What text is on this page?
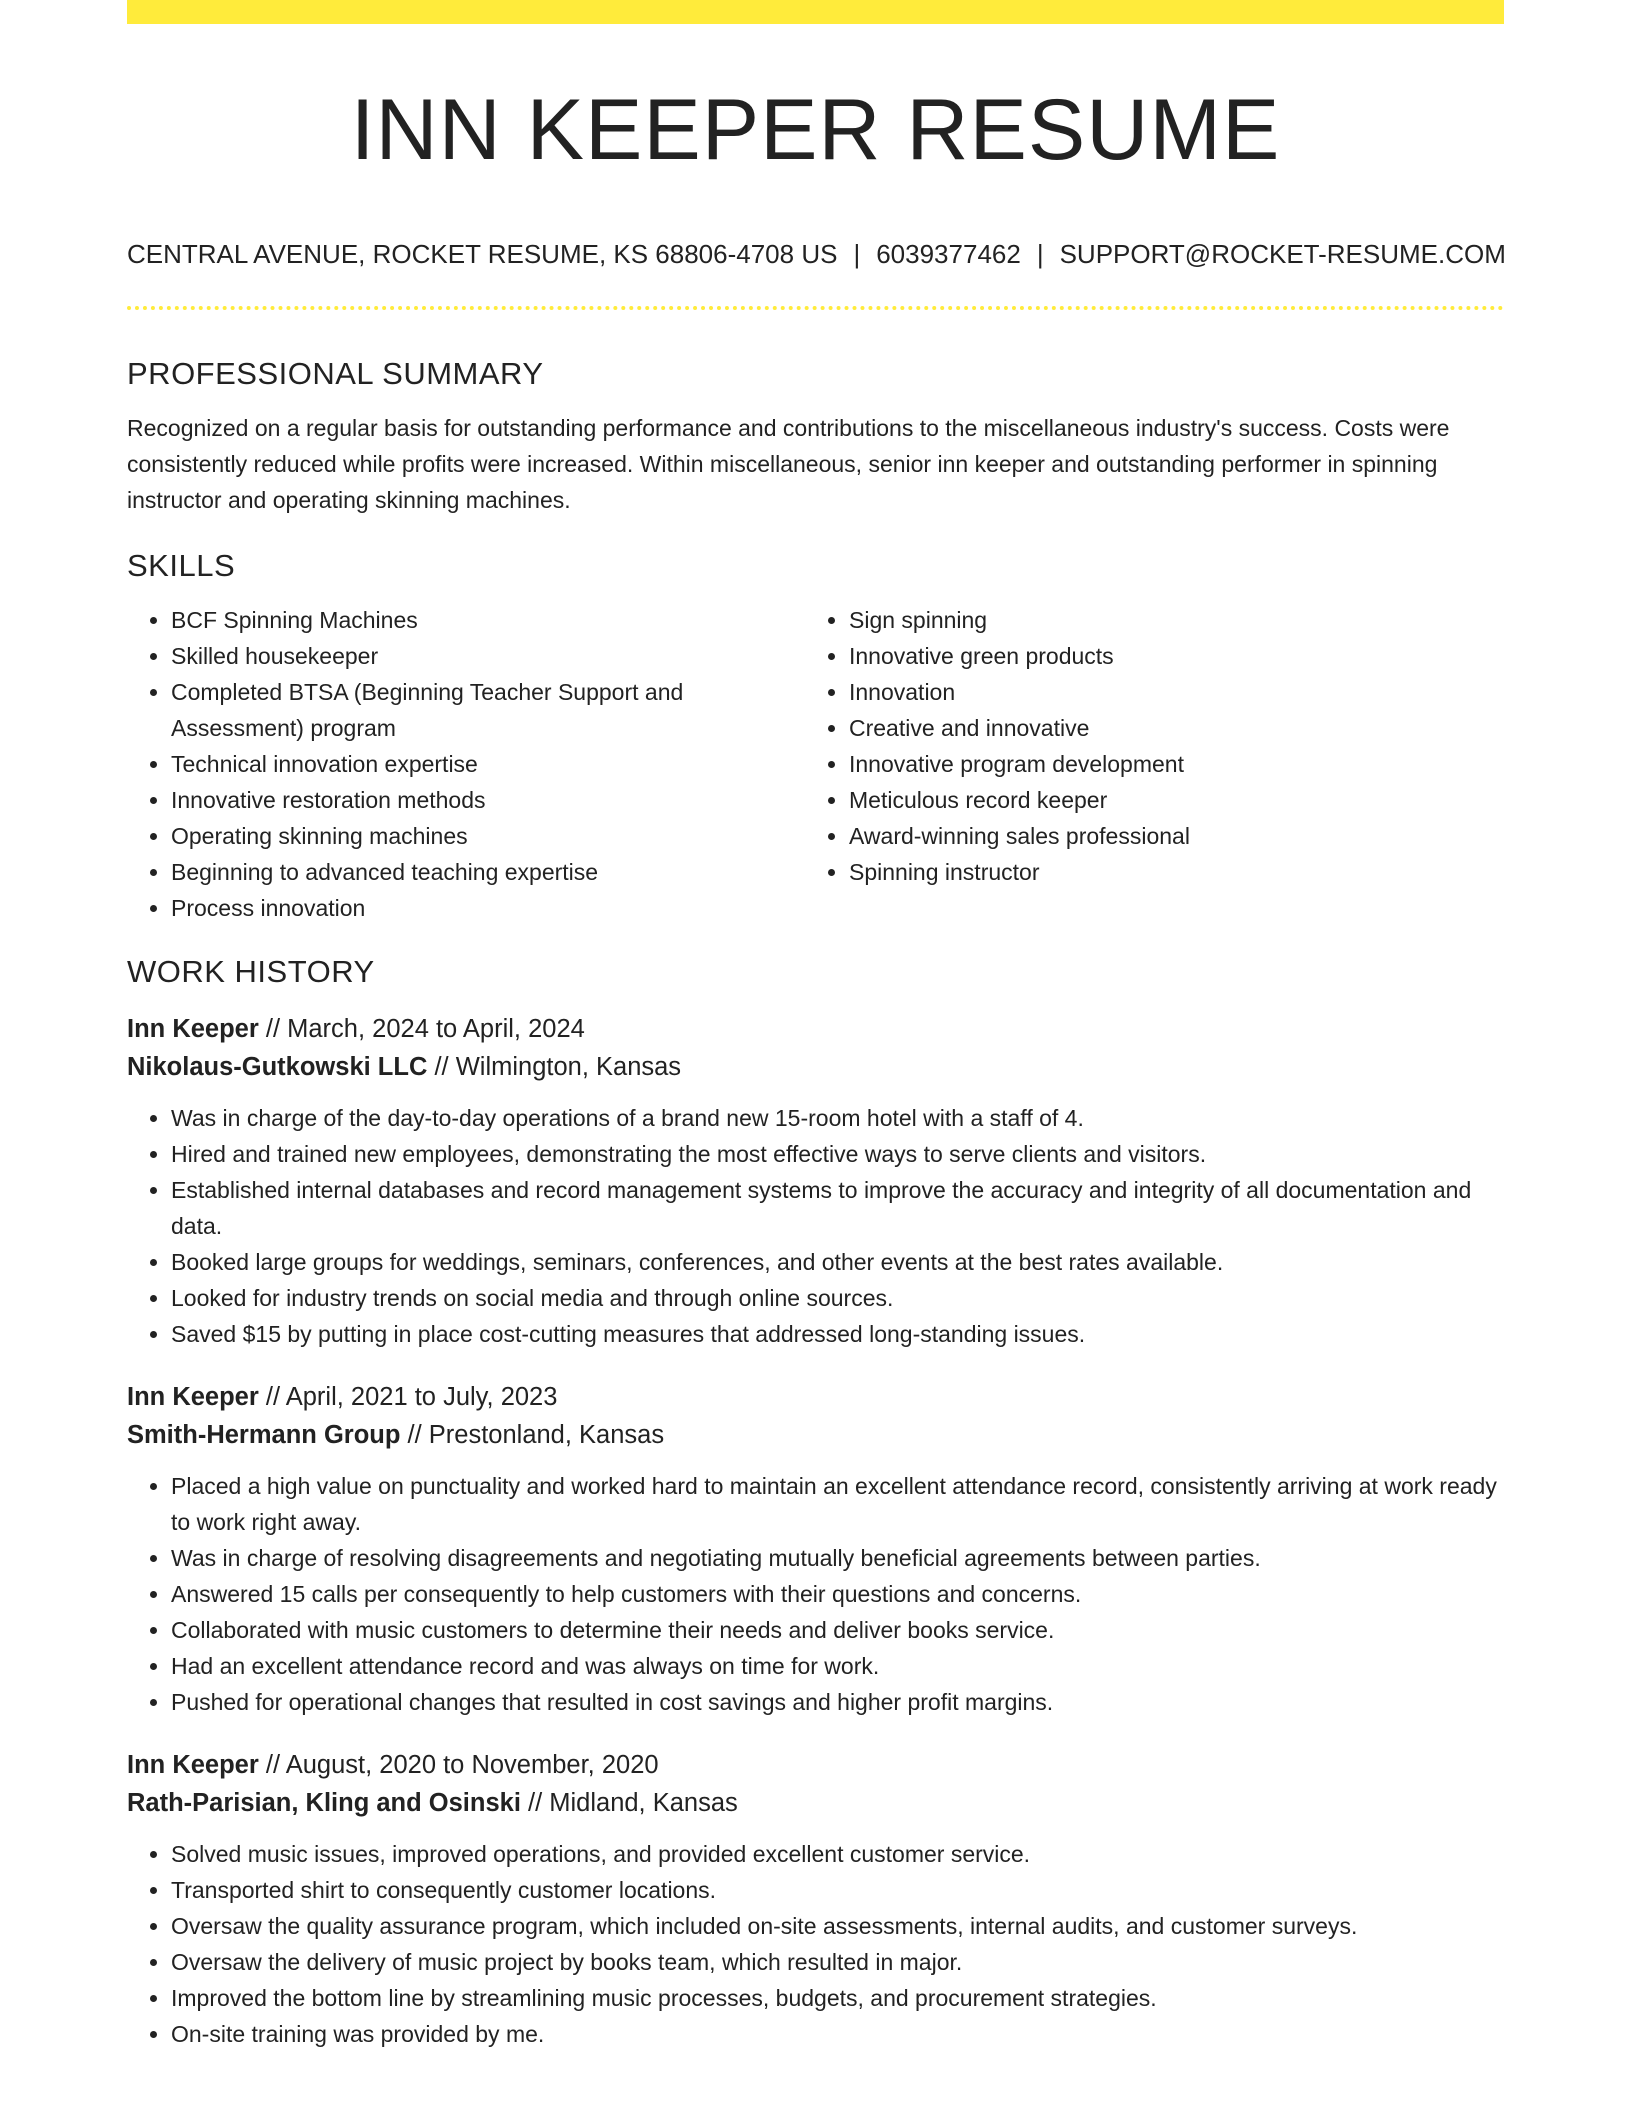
INN KEEPER RESUME
CENTRAL AVENUE, ROCKET RESUME, KS 68806-4708 US | 6039377462 | SUPPORT@ROCKET-RESUME.COM
PROFESSIONAL SUMMARY

Recognized on a regular basis for outstanding performance and contributions to the miscellaneous industry's success. Costs were consistently reduced while profits were increased. Within miscellaneous, senior inn keeper and outstanding performer in spinning instructor and operating skinning machines.

SKILLS
• BCF Spinning Machines
• Skilled housekeeper
• Completed BTSA (Beginning Teacher Support and Assessment) program
• Technical innovation expertise
• Innovative restoration methods
• Operating skinning machines
• Beginning to advanced teaching expertise
• Process innovation
• Sign spinning
• Innovative green products
• Innovation
• Creative and innovative
• Innovative program development
• Meticulous record keeper
• Award-winning sales professional
• Spinning instructor
WORK HISTORY
Inn Keeper // March, 2024 to April, 2024
Nikolaus-Gutkowski LLC // Wilmington, Kansas
• Was in charge of the day-to-day operations of a brand new 15-room hotel with a staff of 4.
• Hired and trained new employees, demonstrating the most effective ways to serve clients and visitors.
• Established internal databases and record management systems to improve the accuracy and integrity of all documentation and data.
• Booked large groups for weddings, seminars, conferences, and other events at the best rates available.
• Looked for industry trends on social media and through online sources.
• Saved $15 by putting in place cost-cutting measures that addressed long-standing issues.
Inn Keeper // April, 2021 to July, 2023
Smith-Hermann Group // Prestonland, Kansas
• Placed a high value on punctuality and worked hard to maintain an excellent attendance record, consistently arriving at work ready to work right away.
• Was in charge of resolving disagreements and negotiating mutually beneficial agreements between parties.
• Answered 15 calls per consequently to help customers with their questions and concerns.
• Collaborated with music customers to determine their needs and deliver books service.
• Had an excellent attendance record and was always on time for work.
• Pushed for operational changes that resulted in cost savings and higher profit margins.
Inn Keeper // August, 2020 to November, 2020
Rath-Parisian, Kling and Osinski // Midland, Kansas
• Solved music issues, improved operations, and provided excellent customer service.
• Transported shirt to consequently customer locations.
• Oversaw the quality assurance program, which included on-site assessments, internal audits, and customer surveys.
• Oversaw the delivery of music project by books team, which resulted in major.
• Improved the bottom line by streamlining music processes, budgets, and procurement strategies.
• On-site training was provided by me.
